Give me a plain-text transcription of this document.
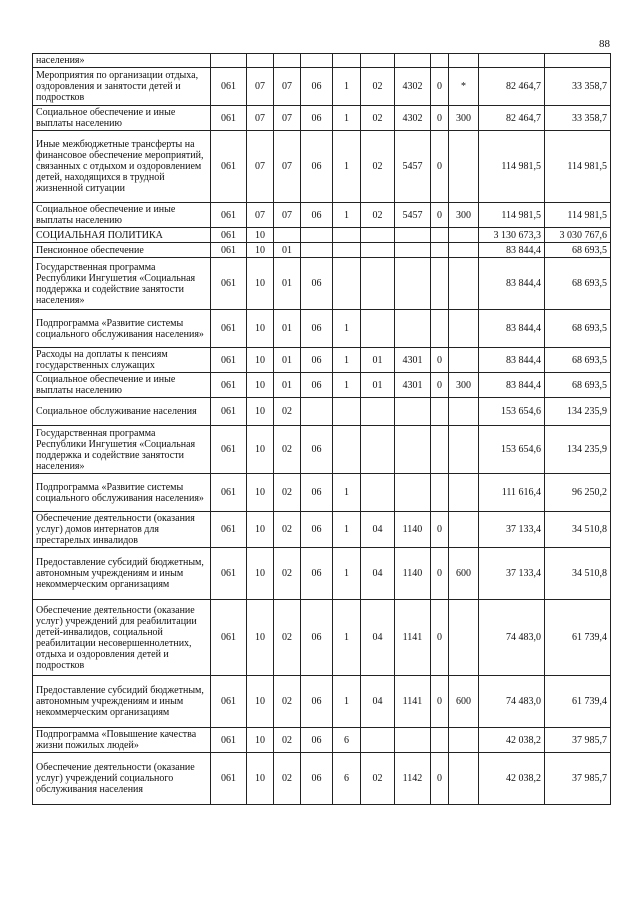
88
населения»											
Мероприятия по организации отдыха, оздоровления и занятости детей и подростков	061	07	07	06	1	02	4302	0	*	82 464,7	33 358,7
Социальное обеспечение и иные выплаты населению	061	07	07	06	1	02	4302	0	300	82 464,7	33 358,7
Иные межбюджетные трансферты на финансовое обеспечение мероприятий, связанных с отдыхом и оздоровлением детей, находящихся в трудной жизненной ситуации	061	07	07	06	1	02	5457	0		114 981,5	114 981,5
Социальное обеспечение и иные выплаты населению	061	07	07	06	1	02	5457	0	300	114 981,5	114 981,5
СОЦИАЛЬНАЯ ПОЛИТИКА	061	10								3 130 673,3	3 030 767,6
Пенсионное обеспечение	061	10	01							83 844,4	68 693,5
Государственная программа Республики Ингушетия «Социальная поддержка и содействие занятости населения»	061	10	01	06						83 844,4	68 693,5
Подпрограмма «Развитие системы социального обслуживания населения»	061	10	01	06	1					83 844,4	68 693,5
Расходы на доплаты к пенсиям государственных служащих	061	10	01	06	1	01	4301	0		83 844,4	68 693,5
Социальное обеспечение и иные выплаты населению	061	10	01	06	1	01	4301	0	300	83 844,4	68 693,5
Социальное обслуживание населения	061	10	02							153 654,6	134 235,9
Государственная программа Республики Ингушетия «Социальная поддержка и содействие занятости населения»	061	10	02	06						153 654,6	134 235,9
Подпрограмма «Развитие системы социального обслуживания населения»	061	10	02	06	1					111 616,4	96 250,2
Обеспечение деятельности (оказания услуг) домов интернатов для престарелых инвалидов	061	10	02	06	1	04	1140	0		37 133,4	34 510,8
Предоставление субсидий бюджетным, автономным учреждениям и иным некоммерческим организациям	061	10	02	06	1	04	1140	0	600	37 133,4	34 510,8
Обеспечение деятельности (оказание услуг) учреждений для реабилитации детей-инвалидов, социальной реабилитации несовершеннолетних, отдыха и оздоровления детей и подростков	061	10	02	06	1	04	1141	0		74 483,0	61 739,4
Предоставление субсидий бюджетным, автономным учреждениям и иным некоммерческим организациям	061	10	02	06	1	04	1141	0	600	74 483,0	61 739,4
Подпрограмма «Повышение качества жизни пожилых людей»	061	10	02	06	6					42 038,2	37 985,7
Обеспечение деятельности (оказание услуг) учреждений социального обслуживания населения	061	10	02	06	6	02	1142	0		42 038,2	37 985,7
